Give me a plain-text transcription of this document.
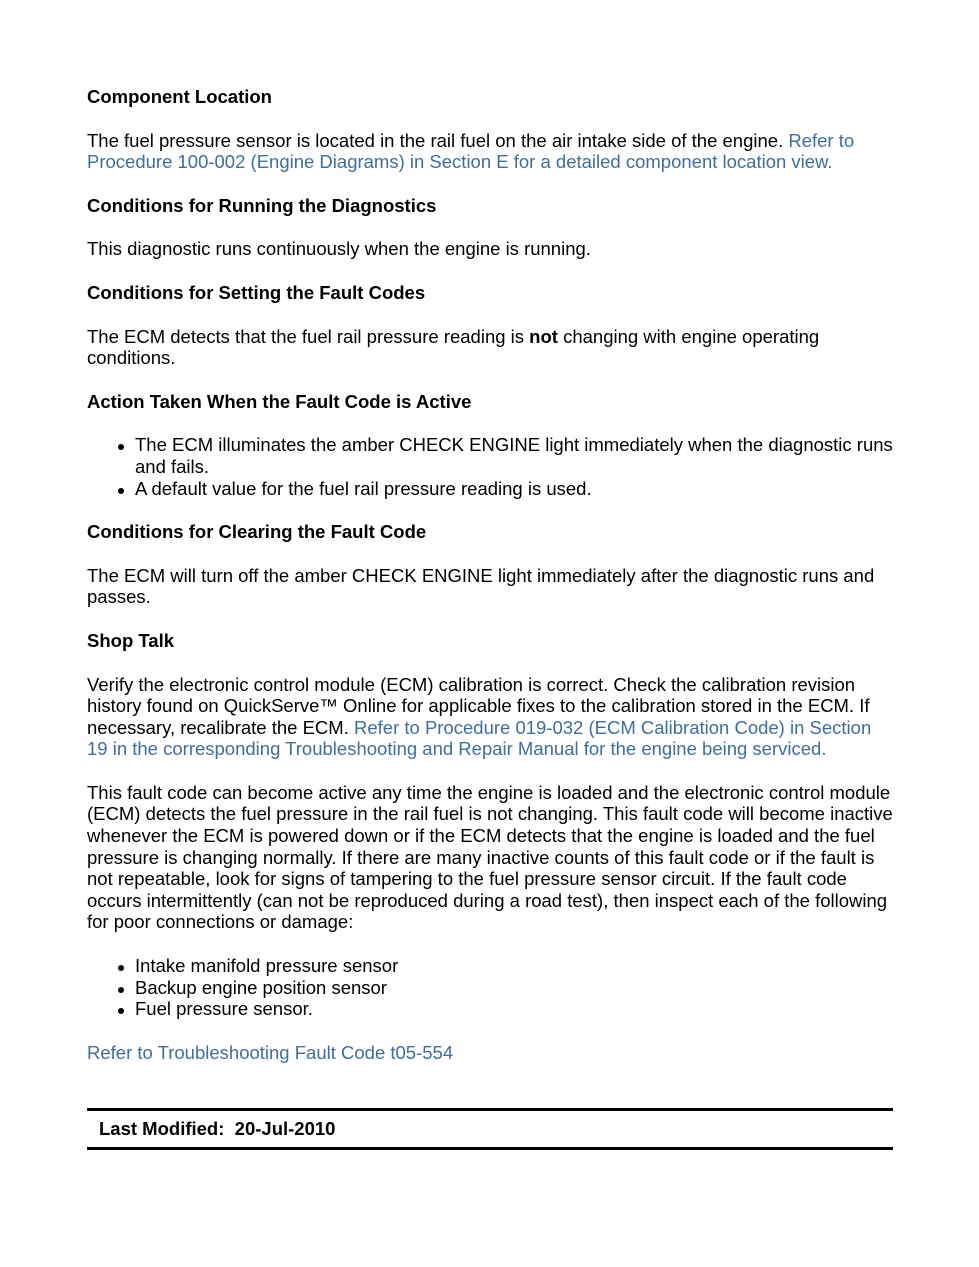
Component Location

The fuel pressure sensor is located in the rail fuel on the air intake side of the engine. Refer to Procedure 100-002 (Engine Diagrams) in Section E for a detailed component location view.

Conditions for Running the Diagnostics

This diagnostic runs continuously when the engine is running.

Conditions for Setting the Fault Codes

The ECM detects that the fuel rail pressure reading is not changing with engine operating conditions.

Action Taken When the Fault Code is Active
The ECM illuminates the amber CHECK ENGINE light immediately when the diagnostic runs and fails.
A default value for the fuel rail pressure reading is used.
Conditions for Clearing the Fault Code

The ECM will turn off the amber CHECK ENGINE light immediately after the diagnostic runs and passes.

Shop Talk

Verify the electronic control module (ECM) calibration is correct. Check the calibration revision history found on QuickServe™ Online for applicable fixes to the calibration stored in the ECM. If necessary, recalibrate the ECM. Refer to Procedure 019-032 (ECM Calibration Code) in Section 19 in the corresponding Troubleshooting and Repair Manual for the engine being serviced.

This fault code can become active any time the engine is loaded and the electronic control module (ECM) detects the fuel pressure in the rail fuel is not changing. This fault code will become inactive whenever the ECM is powered down or if the ECM detects that the engine is loaded and the fuel pressure is changing normally. If there are many inactive counts of this fault code or if the fault is not repeatable, look for signs of tampering to the fuel pressure sensor circuit. If the fault code occurs intermittently (can not be reproduced during a road test), then inspect each of the following for poor connections or damage:

Intake manifold pressure sensor
Backup engine position sensor
Fuel pressure sensor.

Refer to Troubleshooting Fault Code t05-554

Last Modified:  20-Jul-2010
